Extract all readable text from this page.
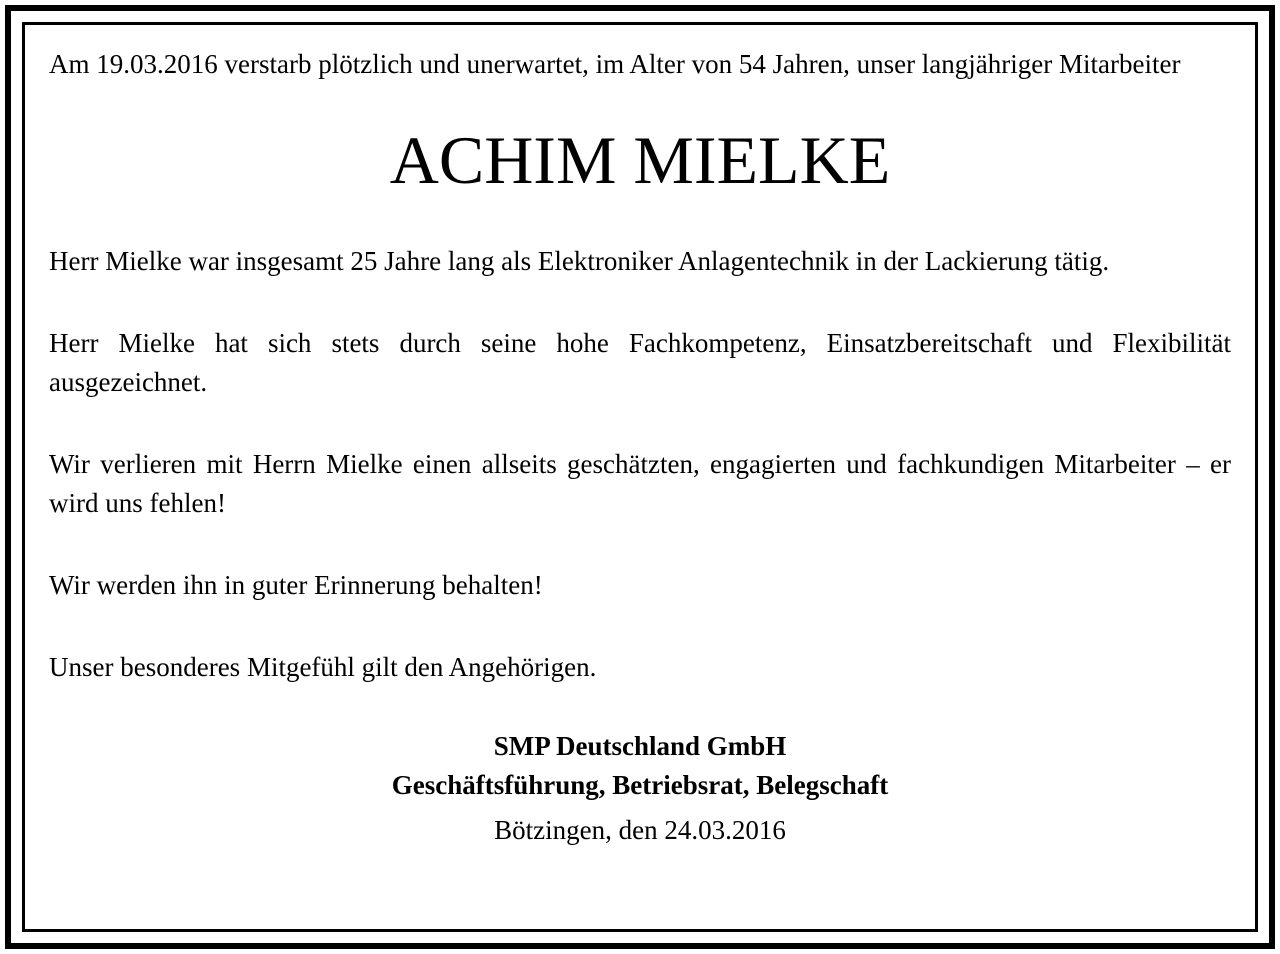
Am 19.03.2016 verstarb plötzlich und unerwartet, im Alter von 54 Jahren, unser langjähriger Mitarbeiter

ACHIM MIELKE

Herr Mielke war insgesamt 25 Jahre lang als Elektroniker Anlagentechnik in der Lackierung tätig.

Herr Mielke hat sich stets durch seine hohe Fachkompetenz, Einsatzbereitschaft und Flexibilität ausgezeichnet.

Wir verlieren mit Herrn Mielke einen allseits geschätzten, engagierten und fachkundigen Mitarbeiter – er wird uns fehlen!

Wir werden ihn in guter Erinnerung behalten!

Unser besonderes Mitgefühl gilt den Angehörigen.

SMP Deutschland GmbH

Geschäftsführung, Betriebsrat, Belegschaft

Bötzingen, den 24.03.2016
